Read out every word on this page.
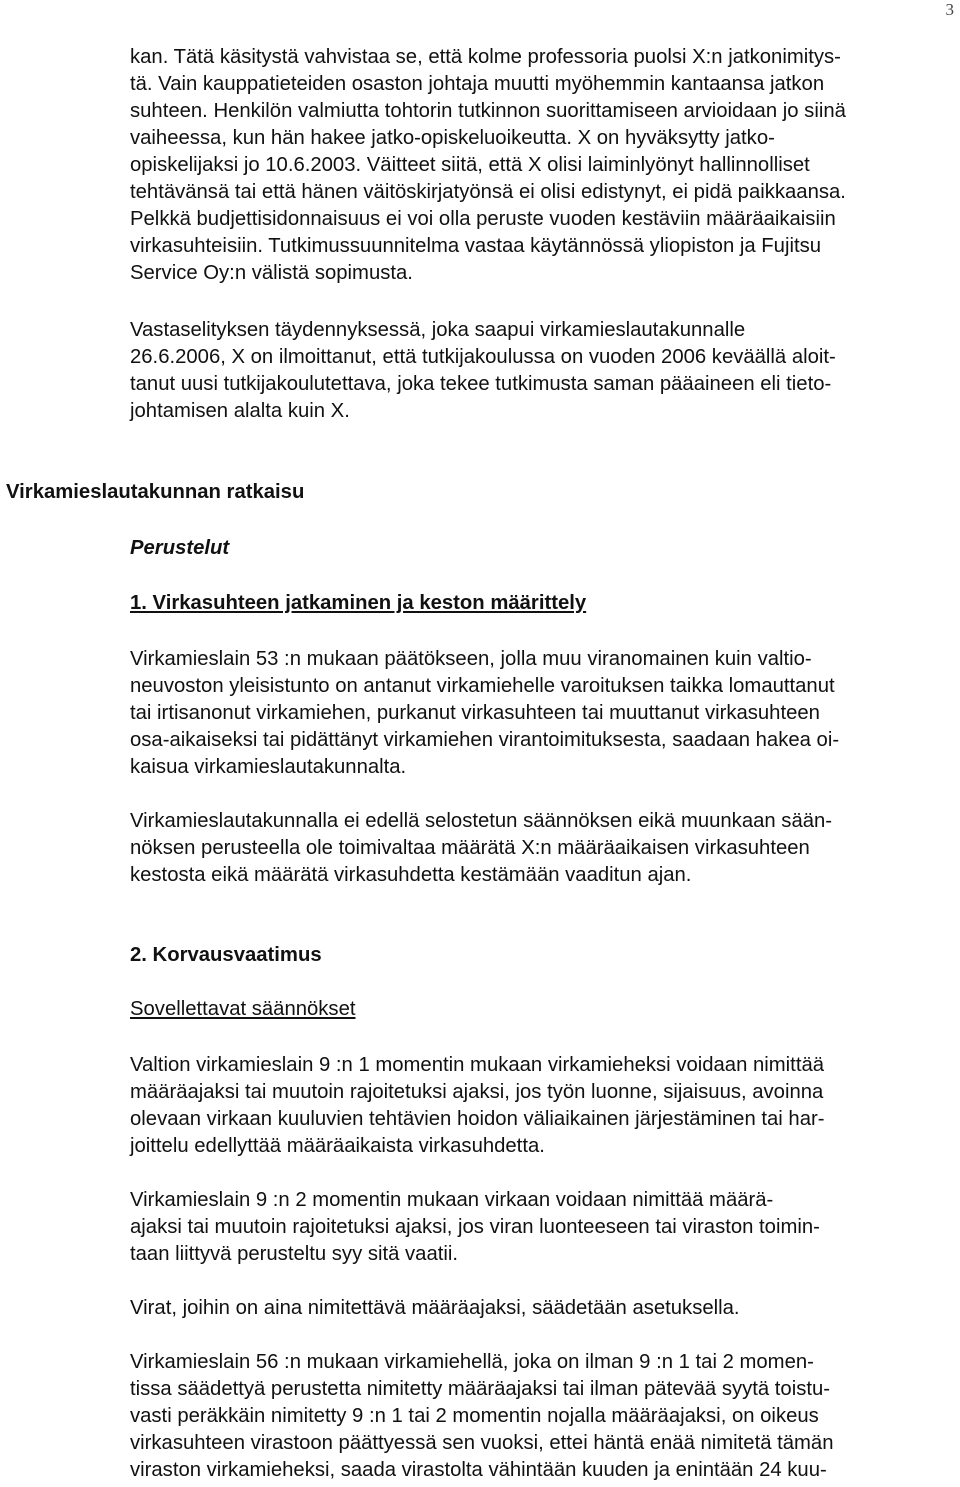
3
kan. Tätä käsitystä vahvistaa se, että kolme professoria puolsi X:n jatkonimitys-
tä. Vain kauppatieteiden osaston johtaja muutti myöhemmin kantaansa jatkon
suhteen. Henkilön valmiutta tohtorin tutkinnon suorittamiseen arvioidaan jo siinä
vaiheessa, kun hän hakee jatko-opiskeluoikeutta. X on hyväksytty jatko-
opiskelijaksi jo 10.6.2003. Väitteet siitä, että X olisi laiminlyönyt hallinnolliset
tehtävänsä tai että hänen väitöskirjatyönsä ei olisi edistynyt, ei pidä paikkaansa.
Pelkkä budjettisidonnaisuus ei voi olla peruste vuoden kestäviin määräaikaisiin
virkasuhteisiin. Tutkimussuunnitelma vastaa käytännössä yliopiston ja Fujitsu
Service Oy:n välistä sopimusta.
Vastaselityksen täydennyksessä, joka saapui virkamieslautakunnalle
26.6.2006, X on ilmoittanut, että tutkijakoulussa on vuoden 2006 keväällä aloit-
tanut uusi tutkijakoulutettava, joka tekee tutkimusta saman pääaineen eli tieto-
johtamisen alalta kuin X.
Virkamieslautakunnan ratkaisu
Perustelut
1. Virkasuhteen jatkaminen ja keston määrittely
Virkamieslain 53 :n mukaan päätökseen, jolla muu viranomainen kuin valtio-
neuvoston yleisistunto on antanut virkamiehelle varoituksen taikka lomauttanut
tai irtisanonut virkamiehen, purkanut virkasuhteen tai muuttanut virkasuhteen
osa-aikaiseksi tai pidättänyt virkamiehen virantoimituksesta, saadaan hakea oi-
kaisua virkamieslautakunnalta.
Virkamieslautakunnalla ei edellä selostetun säännöksen eikä muunkaan sään-
nöksen perusteella ole toimivaltaa määrätä X:n määräaikaisen virkasuhteen
kestosta eikä määrätä virkasuhdetta kestämään vaaditun ajan.
2. Korvausvaatimus
Sovellettavat säännökset
Valtion virkamieslain 9 :n 1 momentin mukaan virkamieheksi voidaan nimittää
määräajaksi tai muutoin rajoitetuksi ajaksi, jos työn luonne, sijaisuus, avoinna
olevaan virkaan kuuluvien tehtävien hoidon väliaikainen järjestäminen tai har-
joittelu edellyttää määräaikaista virkasuhdetta.
Virkamieslain 9 :n 2 momentin mukaan virkaan voidaan nimittää määrä-
ajaksi tai muutoin rajoitetuksi ajaksi, jos viran luonteeseen tai viraston toimin-
taan liittyvä perusteltu syy sitä vaatii.
Virat, joihin on aina nimitettävä määräajaksi, säädetään asetuksella.
Virkamieslain 56 :n mukaan virkamiehellä, joka on ilman 9 :n 1 tai 2 momen-
tissa säädettyä perustetta nimitetty määräajaksi tai ilman pätevää syytä toistu-
vasti peräkkäin nimitetty 9 :n 1 tai 2 momentin nojalla määräajaksi, on oikeus
virkasuhteen virastoon päättyessä sen vuoksi, ettei häntä enää nimitetä tämän
viraston virkamieheksi, saada virastolta vähintään kuuden ja enintään 24 kuu-
